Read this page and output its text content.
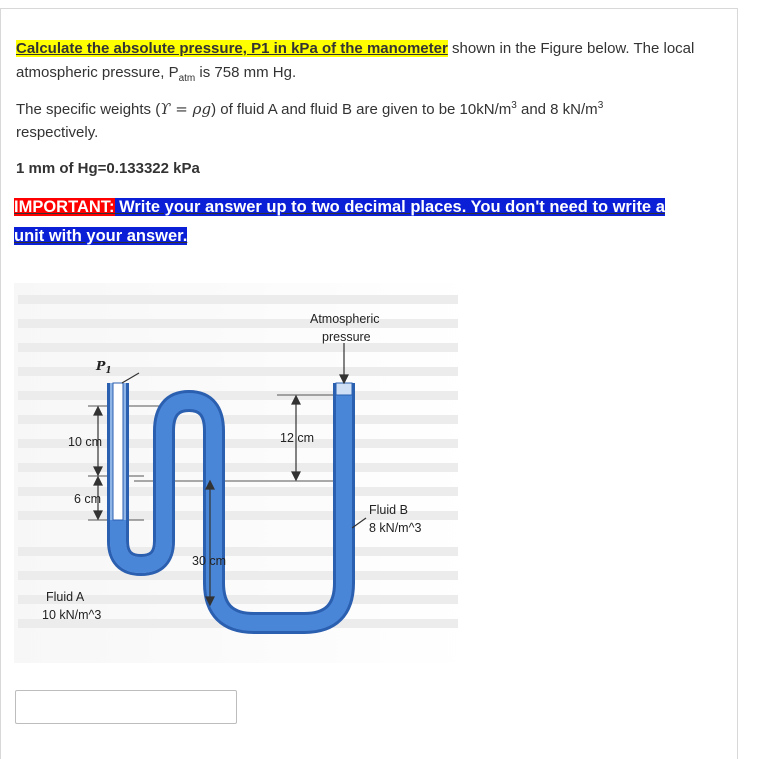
Calculate the absolute pressure, P1 in kPa of the manometer shown in the Figure below. The local
atmospheric pressure, $P_{atm}$ is 758 mm Hg.
The specific weights (ϒ = ρg) of fluid A and fluid B are given to be $10kN/m^3$ and 8 $kN/m^3$
respectively.
1 mm of Hg=0.133322 kPa
IMPORTANT: Write your answer up to two decimal places. You don't need to write a
unit with your answer.
Atmospheric
pressure
$P_1$
10 cm
6 cm
30 cm
12 cm
Fluid A
10 kN/m^3
Fluid B
8 kN/m^3
